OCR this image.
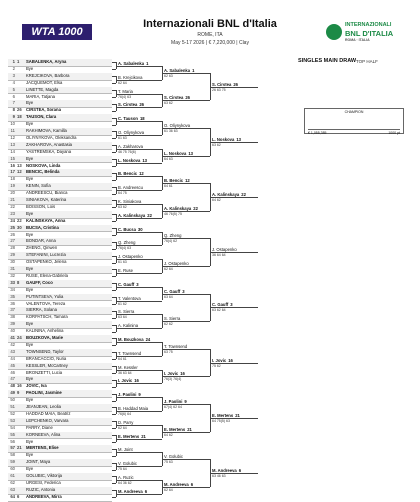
WTA 1000
Internazionali BNL d'Italia
ROME, ITA
May 5-17 2026 | € 7,220,000 | Clay
INTERNAZIONALI
BNL D'ITALIA
ROMA · ITALIA
SINGLES MAIN DRAW TOP HALF
CHAMPION
€ 1,055,385	1000 pt
1 1	SABALENKA, Aryna
2	Bye
3	KREJCIKOVA, Barbora
4	JACQUEMOT, Elsa
5	LINETTE, Magda
6	MARIA, Tatjana
7	Bye
8 26	CIRSTEA, Sorana
9 18	TAUSON, Clara
10	Bye
11	RAKHIMOVA, Kamilla
12	OLIYNYKOVA, Oleksandra
13	ZAKHAROVA, Anastasia
14	YASTREMSKA, Dayana
15	Bye
16 13	NOSKOVA, Linda
17 12	BENCIC, Belinda
18	Bye
19	KENIN, Sofia
20	ANDREESCU, Bianca
21	SINIAKOVA, Katerina
22	BOISSON, Lois
23	Bye
24 22	KALINSKAYA, Anna
25 30	BUCSA, Cristina
26	Bye
27	BONDAR, Anna
28	ZHENG, Qinwen
29	STEFANINI, Lucrezia
30	OSTAPENKO, Jelena
31	Bye
32	RUSE, Elena-Gabriela
33 8	GAUFF, Coco
34	Bye
35	PUTINTSEVA, Yulia
36	VALENTOVA, Tereza
37	SIERRA, Solana
38	KORPATSCH, Tamara
39	Bye
40	KALININA, Anhelina
41 24	BOUZKOVA, Marie
42	Bye
43	TOWNSEND, Taylor
44	BRANCACCIO, Nuria
45	KESSLER, McCartney
46	BRONZETTI, Lucia
47	Bye
48 16	JOVIC, Iva
49 9	PAOLINI, Jasmine
50	Bye
51	JEANJEAN, Leolia
52	HADDAD MAIA, Beatriz
53	LEPCHENKO, Varvara
54	PARRY, Diane
55	KORNEEVA, Alina
56	Bye
57 21	MERTENS, Elise
58	Bye
59	JOINT, Maya
60	Bye
61	GOLUBIC, Viktorija
62	URGESI, Federica
63	RUZIC, Antonia
64 6	ANDREEVA, Mirra
A. Sabalenka 1
B. Krejcikova
62 64
T. Maria
76(4) 63
S. Cirstea 26
C. Tauson 18
O. Oliynykova
61 63
A. Zakharova
46 75 76(6)
L. Noskova 13
B. Bencic 12
B. Andreescu
64 75
K. Siniakova
63 62
A. Kalinskaya 22
C. Bucsa 30
Q. Zheng
76(4) 63
J. Ostapenko
61 63
E. Ruse
C. Gauff 3
T. Valentova
61 62
S. Sierra
63 64
A. Kalinina
M. Bouzkova 24
T. Townsend
64 61
M. Kessler
36 63 64
I. Jovic 16
J. Paolini 9
B. Haddad Maia
76(6) 64
D. Parry
62 64
E. Mertens 21
M. Joint
V. Golubic
75 64
A. Ruzic
64 36 62
M. Andreeva 6
A. Sabalenka 1
62 63
S. Cirstea 26
63 62
O. Oliynykova
61 36 63
L. Noskova 13
64 63
B. Bencic 12
64 61
A. Kalinskaya 22
46 76(5) 75
Q. Zheng
76(4) 62
J. Ostapenko
62 64
C. Gauff 3
63 64
S. Sierra
62 62
T. Townsend
63 75
I. Jovic 16
76(3) 76(4)
J. Paolini 9
67(4) 62 64
E. Mertens 21
64 62
V. Golubic
75 63
M. Andreeva 6
62 64
S. Cirstea 26
26 63 75
L. Noskova 13
63 62
A. Kalinskaya 22
64 62
J. Ostapenko
36 64 64
C. Gauff 3
63 62 64
I. Jovic 16
75 62
E. Mertens 21
64 75(5) 63
M. Andreeva 6
63 46 63
